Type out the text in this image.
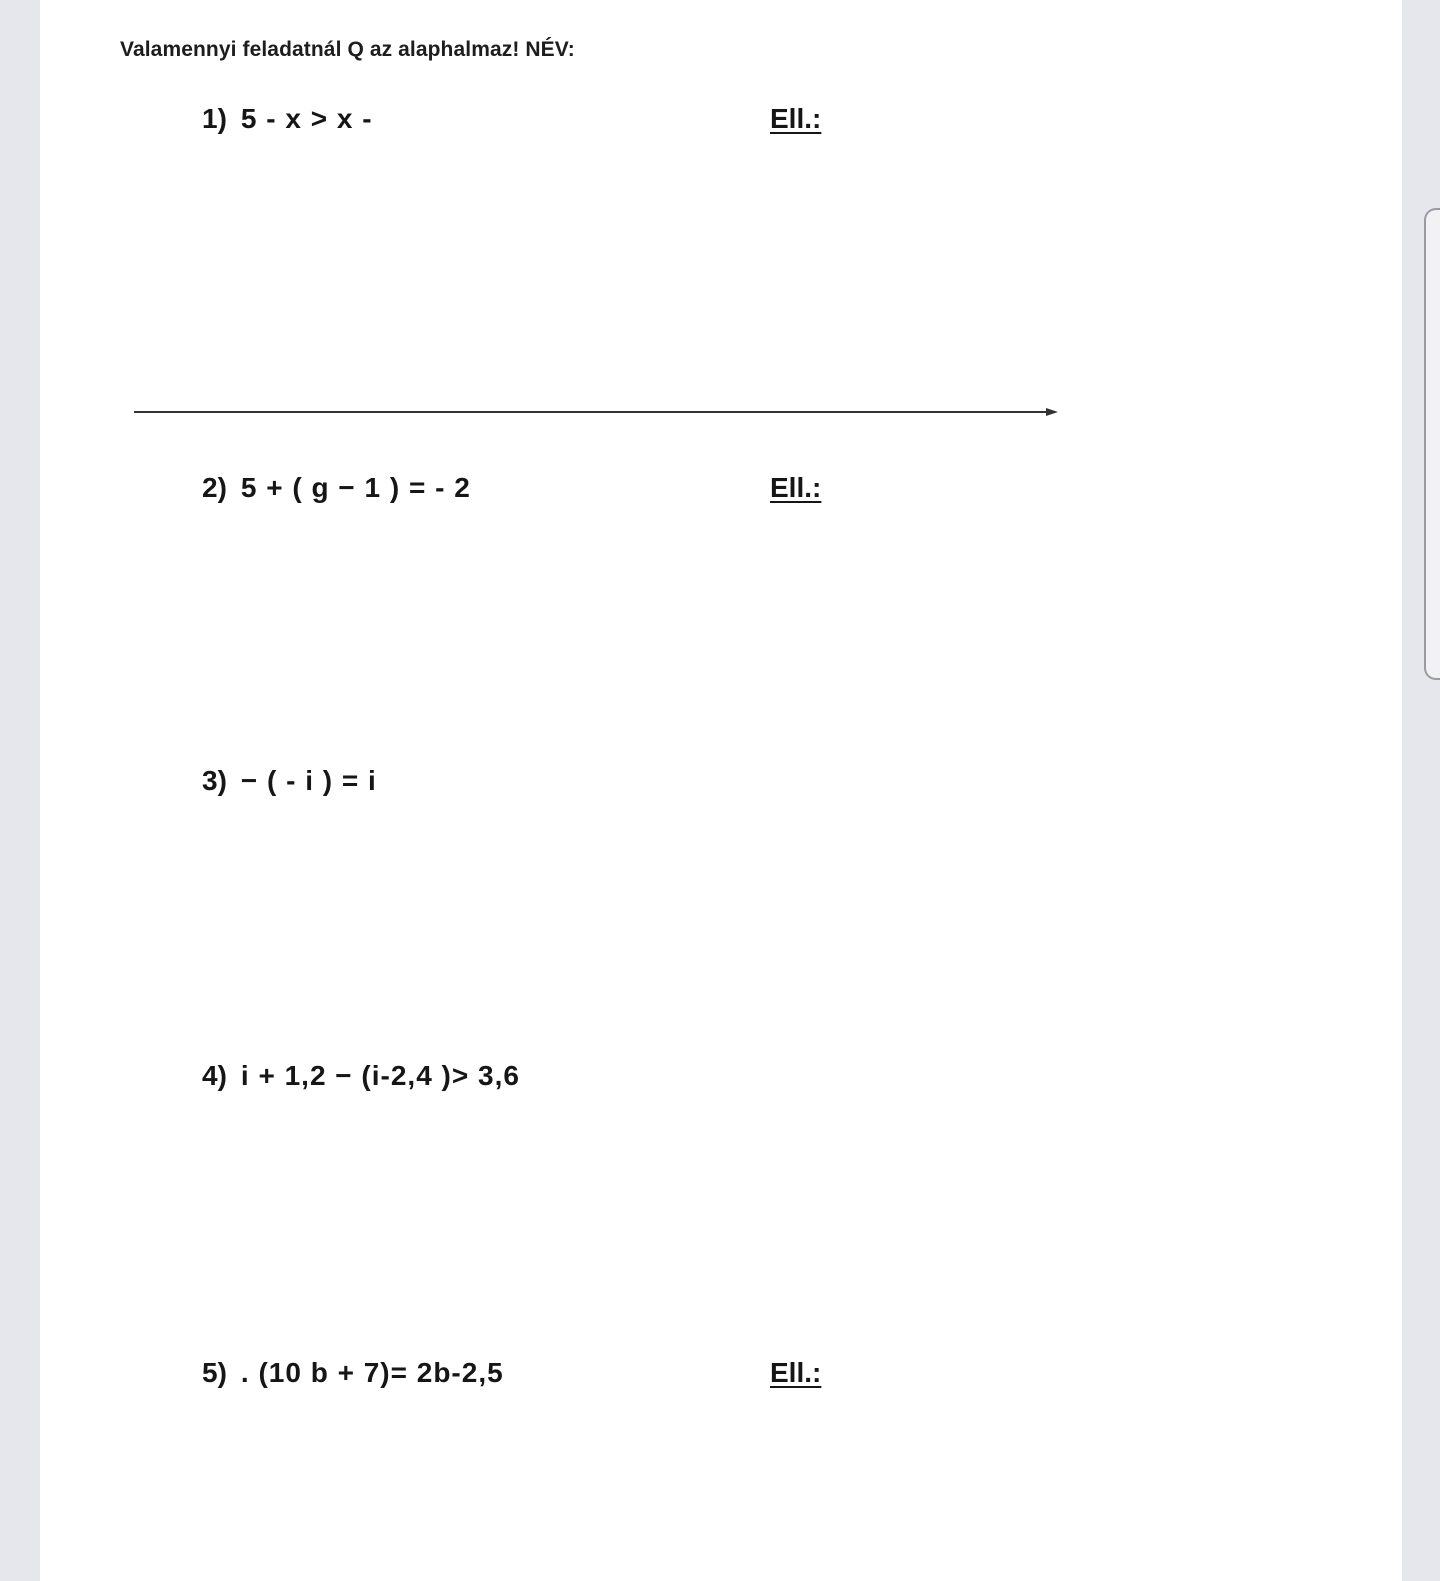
Valamennyi feladatnál Q az alaphalmaz! NÉV:
1) 5 - x > x -	Ell.:
2) 5 + ( g − 1 ) = - 2	Ell.:
3) − ( - i ) = i
4) i + 1,2 − (i-2,4 )> 3,6
5) . (10 b + 7)= 2b-2,5	Ell.:
